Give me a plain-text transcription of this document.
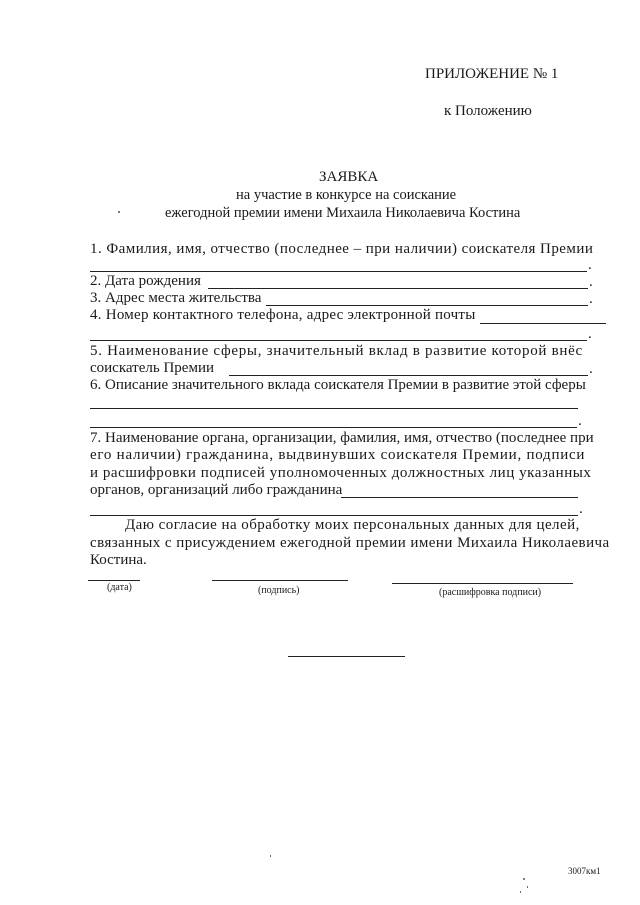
ПРИЛОЖЕНИЕ № 1
к Положению
ЗАЯВКА
на участие в конкурсе на соискание
ежегодной премии имени Михаила Николаевича Костина
1. Фамилия, имя, отчество (последнее – при наличии) соискателя Премии
.
2. Дата рождения	.
3. Адрес места жительства	.
4. Номер контактного телефона, адрес электронной почты
.
5. Наименование сферы, значительный вклад в развитие которой внёс
соискатель Премии	.
6. Описание значительного вклада соискателя Премии в развитие этой сферы
.
7. Наименование органа, организации, фамилия, имя, отчество (последнее при
его наличии) гражданина, выдвинувших соискателя Премии, подписи
и расшифровки подписей уполномоченных должностных лиц указанных
органов, организаций либо гражданина
.
Даю согласие на обработку моих персональных данных для целей,
связанных с присуждением ежегодной премии имени Михаила Николаевича
Костина.
(дата)	(подпись)	(расшифровка подписи)
3007км1
